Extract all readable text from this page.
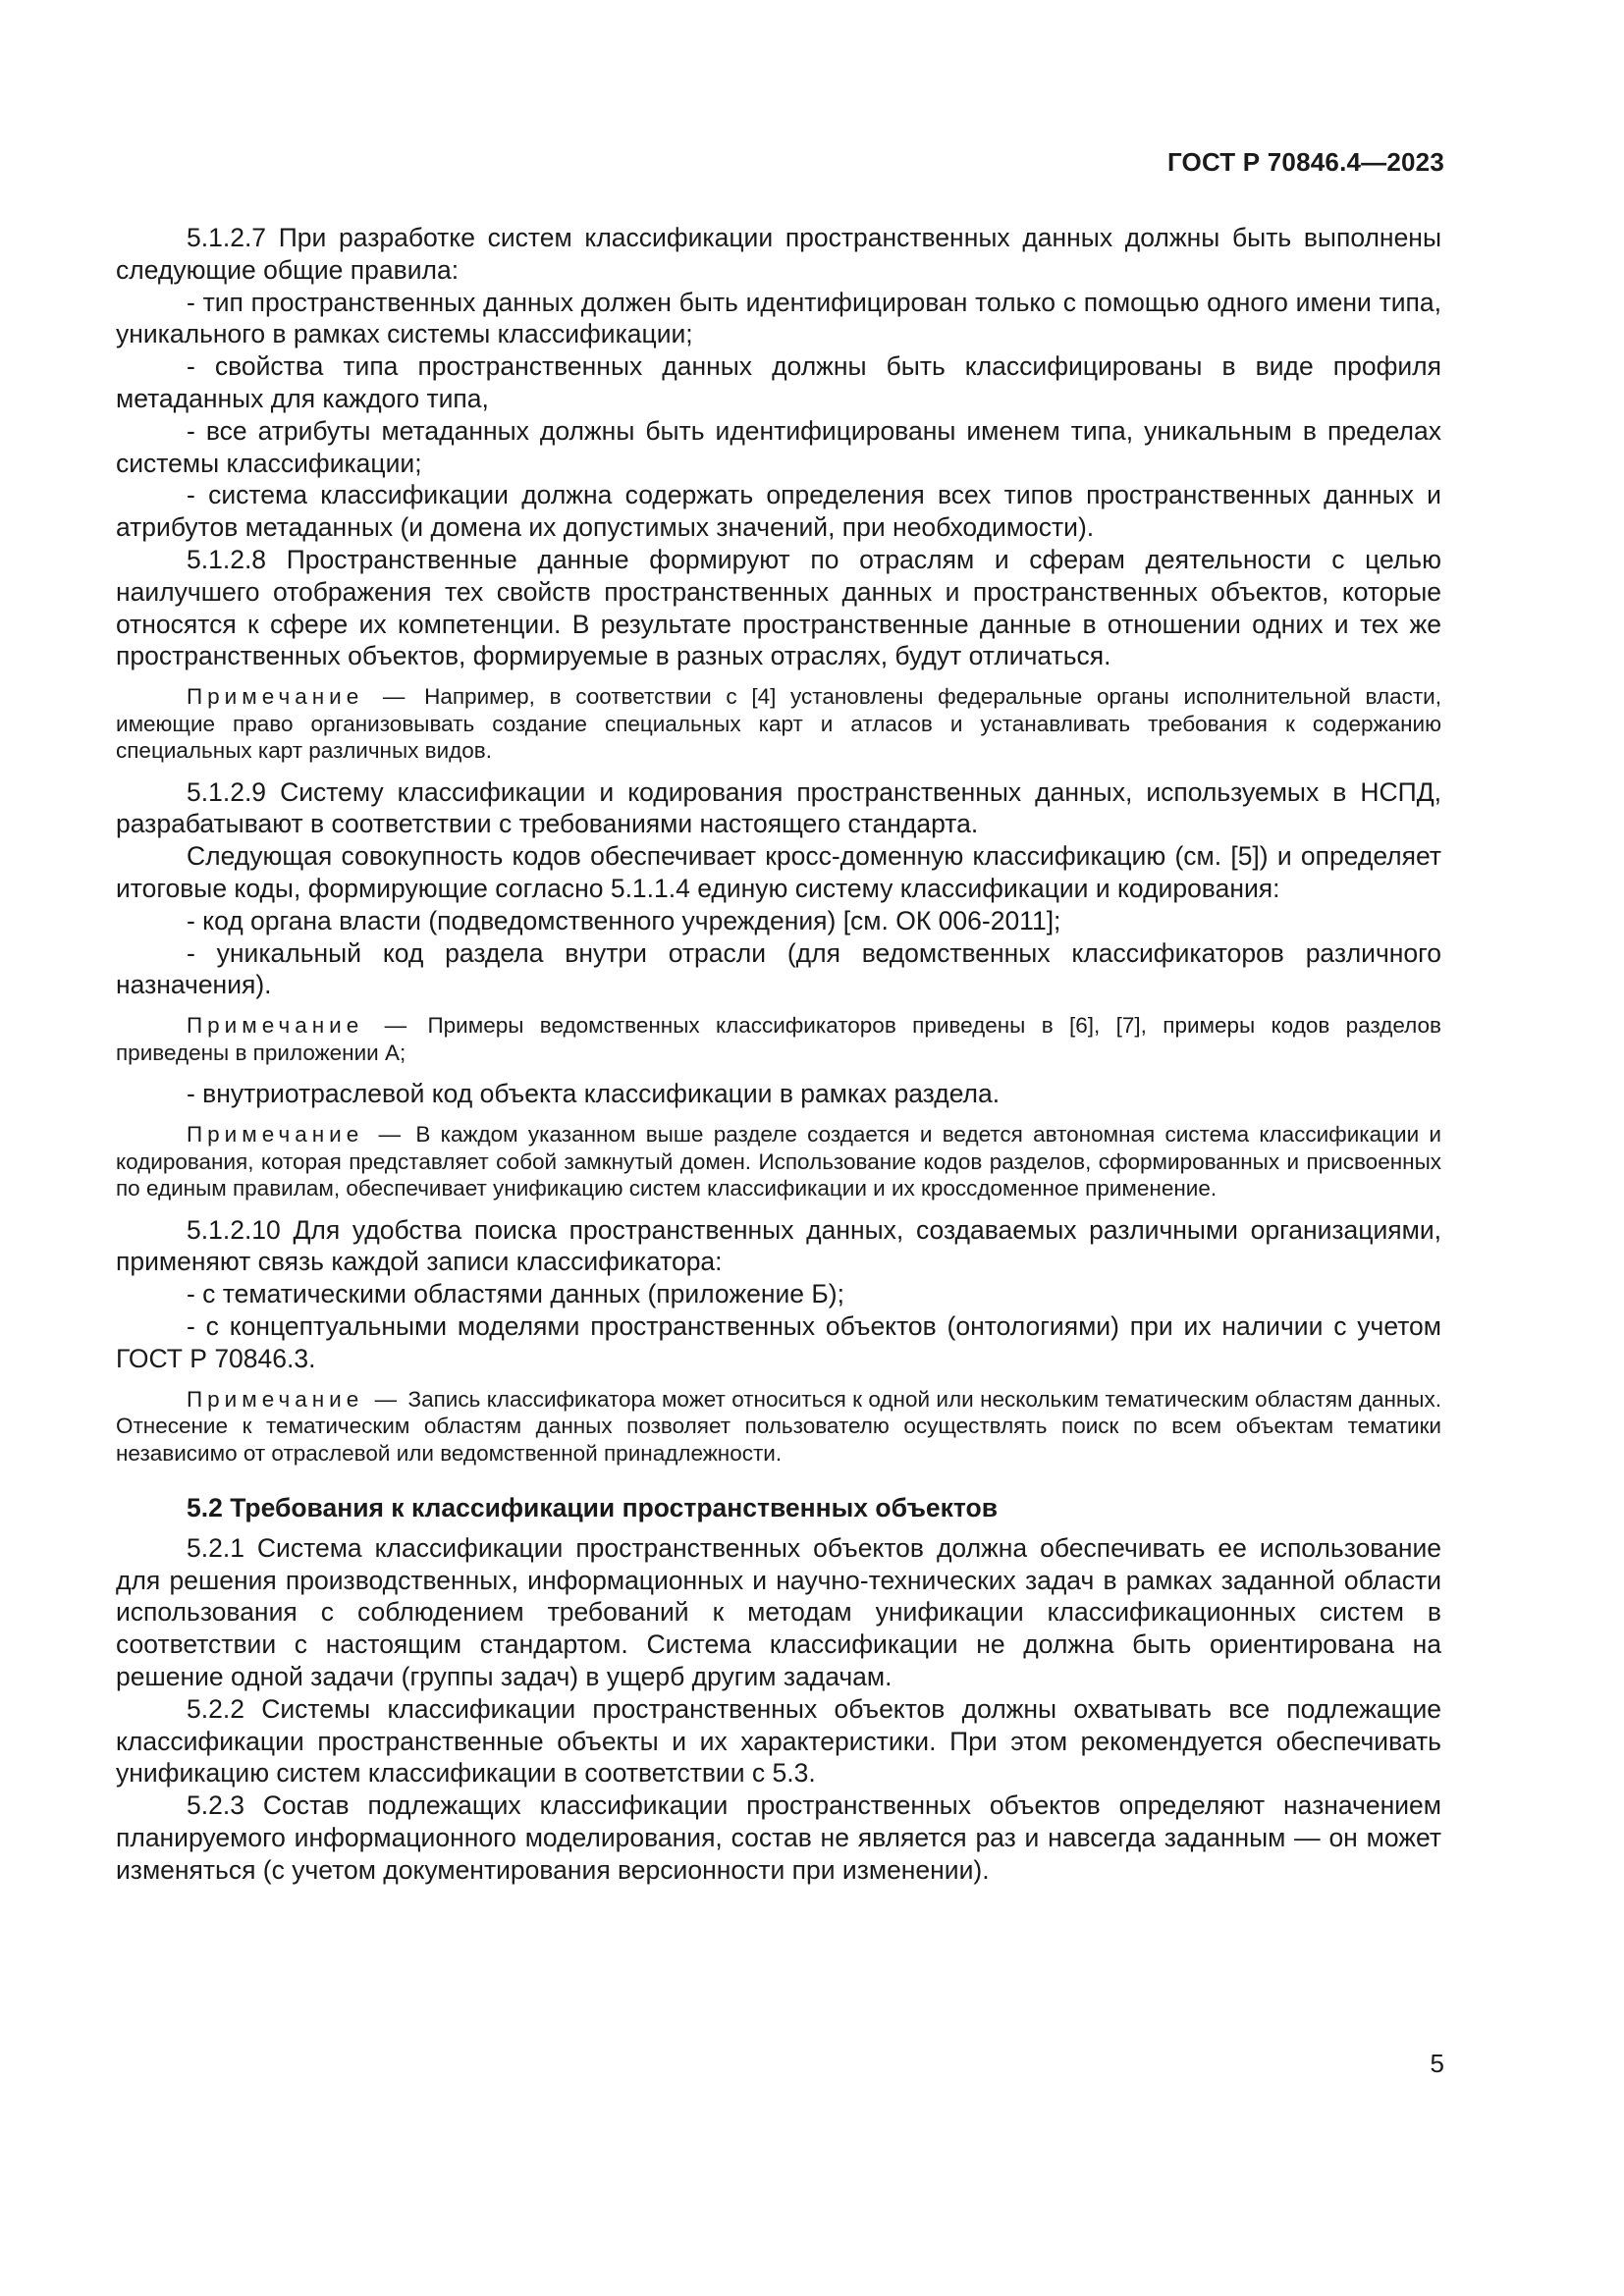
ГОСТ Р 70846.4—2023

5.1.2.7 При разработке систем классификации пространственных данных должны быть выполнены следующие общие правила:

- тип пространственных данных должен быть идентифицирован только с помощью одного имени типа, уникального в рамках системы классификации;

- свойства типа пространственных данных должны быть классифицированы в виде профиля метаданных для каждого типа,

- все атрибуты метаданных должны быть идентифицированы именем типа, уникальным в пределах системы классификации;

- система классификации должна содержать определения всех типов пространственных данных и атрибутов метаданных (и домена их допустимых значений, при необходимости).

5.1.2.8 Пространственные данные формируют по отраслям и сферам деятельности с целью наилучшего отображения тех свойств пространственных данных и пространственных объектов, которые относятся к сфере их компетенции. В результате пространственные данные в отношении одних и тех же пространственных объектов, формируемые в разных отраслях, будут отличаться.

Примечание — Например, в соответствии с [4] установлены федеральные органы исполнительной власти, имеющие право организовывать создание специальных карт и атласов и устанавливать требования к содержанию специальных карт различных видов.

5.1.2.9 Систему классификации и кодирования пространственных данных, используемых в НСПД, разрабатывают в соответствии с требованиями настоящего стандарта.

Следующая совокупность кодов обеспечивает кросс-доменную классификацию (см. [5]) и определяет итоговые коды, формирующие согласно 5.1.1.4 единую систему классификации и кодирования:

- код органа власти (подведомственного учреждения) [см. ОК 006-2011];

- уникальный код раздела внутри отрасли (для ведомственных классификаторов различного назначения).

Примечание — Примеры ведомственных классификаторов приведены в [6], [7], примеры кодов разделов приведены в приложении А;

- внутриотраслевой код объекта классификации в рамках раздела.

Примечание — В каждом указанном выше разделе создается и ведется автономная система классификации и кодирования, которая представляет собой замкнутый домен. Использование кодов разделов, сформированных и присвоенных по единым правилам, обеспечивает унификацию систем классификации и их кроссдоменное применение.

5.1.2.10 Для удобства поиска пространственных данных, создаваемых различными организациями, применяют связь каждой записи классификатора:

- с тематическими областями данных (приложение Б);

- с концептуальными моделями пространственных объектов (онтологиями) при их наличии с учетом ГОСТ Р 70846.3.

Примечание — Запись классификатора может относиться к одной или нескольким тематическим областям данных. Отнесение к тематическим областям данных позволяет пользователю осуществлять поиск по всем объектам тематики независимо от отраслевой или ведомственной принадлежности.

5.2 Требования к классификации пространственных объектов

5.2.1 Система классификации пространственных объектов должна обеспечивать ее использование для решения производственных, информационных и научно-технических задач в рамках заданной области использования с соблюдением требований к методам унификации классификационных систем в соответствии с настоящим стандартом. Система классификации не должна быть ориентирована на решение одной задачи (группы задач) в ущерб другим задачам.

5.2.2 Системы классификации пространственных объектов должны охватывать все подлежащие классификации пространственные объекты и их характеристики. При этом рекомендуется обеспечивать унификацию систем классификации в соответствии с 5.3.

5.2.3 Состав подлежащих классификации пространственных объектов определяют назначением планируемого информационного моделирования, состав не является раз и навсегда заданным — он может изменяться (с учетом документирования версионности при изменении).

5
